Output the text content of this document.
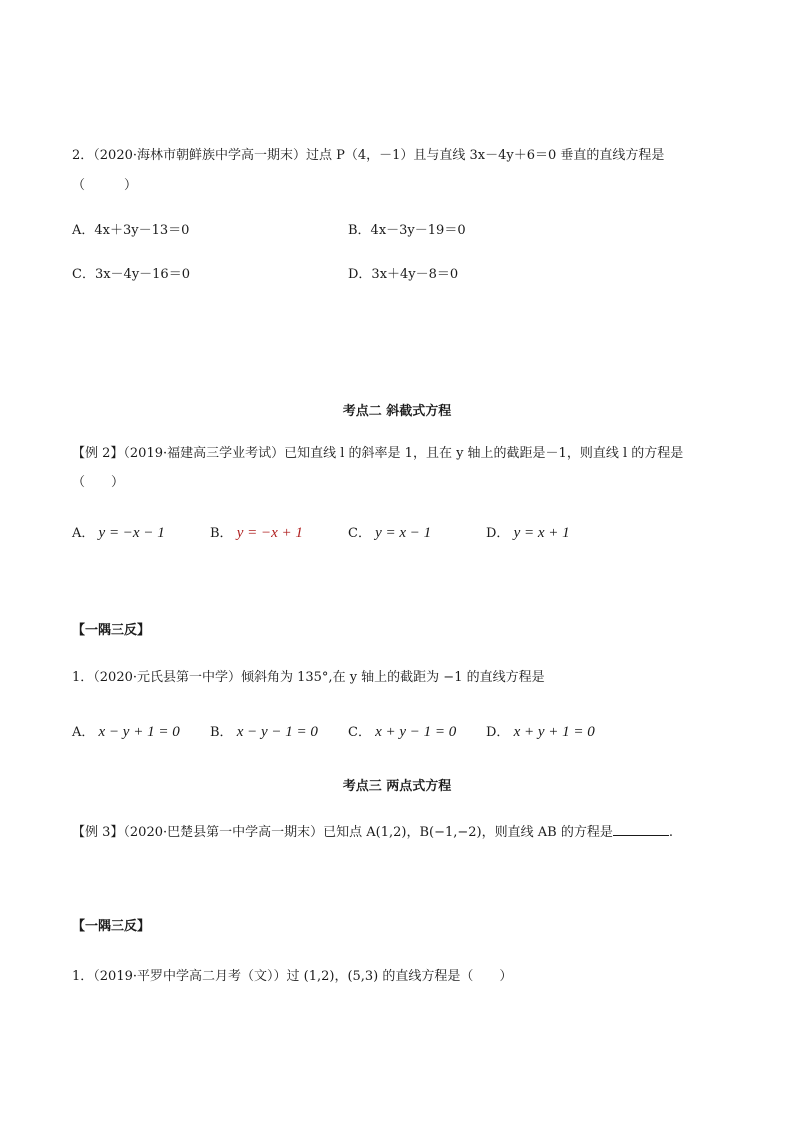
2．（2020·海林市朝鲜族中学高一期末）过点 P（4，－1）且与直线 3x－4y＋6＝0 垂直的直线方程是
（　　　）
A．4x＋3y－13＝0	B．4x－3y－19＝0
C．3x－4y－16＝0	D．3x＋4y－8＝0
考点二 斜截式方程
【例 2】（2019·福建高三学业考试）已知直线 l 的斜率是 1，且在 y 轴上的截距是－1，则直线 l 的方程是
（　　）
A． y = −x − 1	B． y = −x + 1	C． y = x − 1	D． y = x + 1
【一隅三反】
1．（2020·元氏县第一中学）倾斜角为 135°,在 y 轴上的截距为 −1 的直线方程是
A． x − y + 1 = 0 B． x − y − 1 = 0 C． x + y − 1 = 0 D． x + y + 1 = 0
考点三 两点式方程
【例 3】（2020·巴楚县第一中学高一期末）已知点 A(1,2)，B(−1,−2)，则直线 AB 的方程是	.
【一隅三反】
1．（2019·平罗中学高二月考（文））过 (1,2)，(5,3) 的直线方程是（　　）
